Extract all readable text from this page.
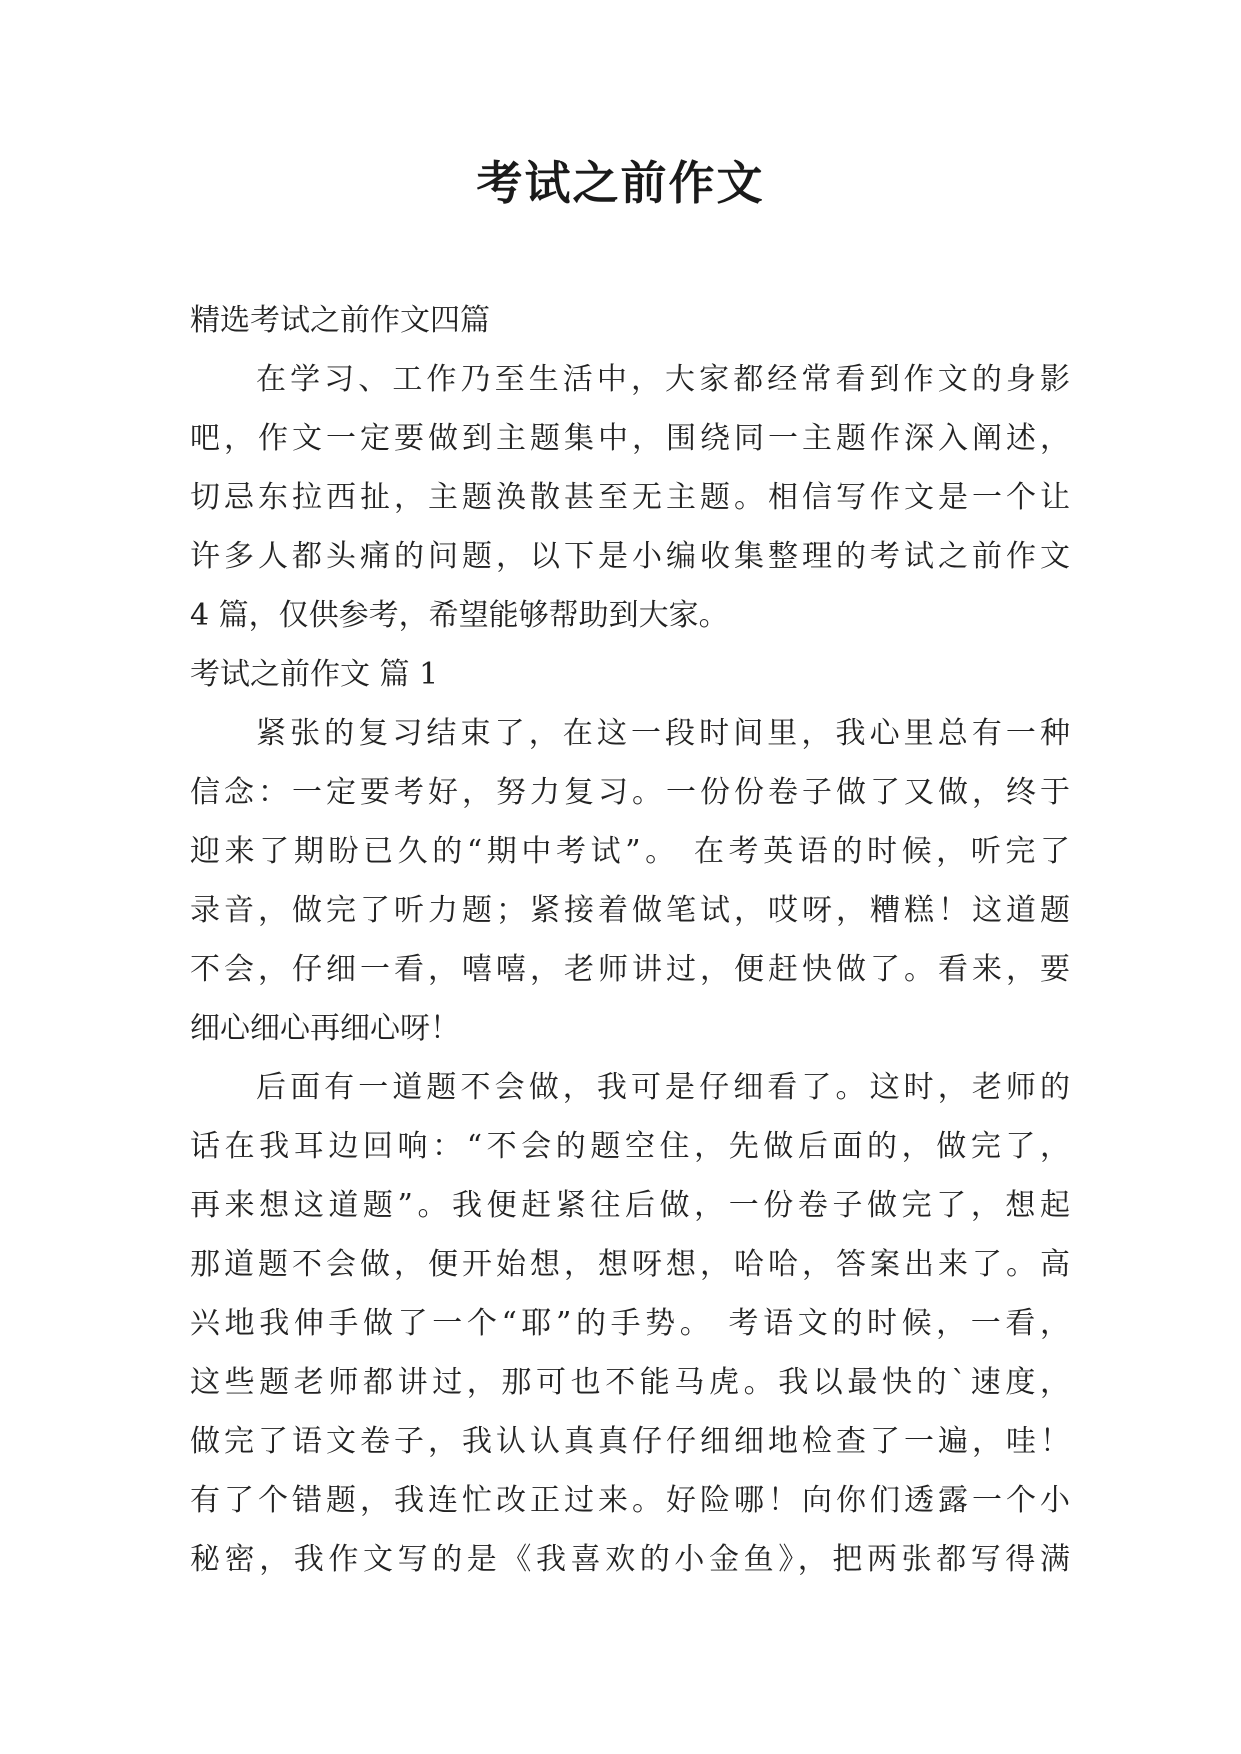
考试之前作文
精选考试之前作文四篇
在学习、工作乃至生活中，大家都经常看到作文的身影
吧，作文一定要做到主题集中，围绕同一主题作深入阐述，
切忌东拉西扯，主题涣散甚至无主题。相信写作文是一个让
许多人都头痛的问题，以下是小编收集整理的考试之前作文
4 篇，仅供参考，希望能够帮助到大家。
考试之前作文 篇 1
紧张的复习结束了，在这一段时间里，我心里总有一种
信念：一定要考好，努力复习。一份份卷子做了又做，终于
迎来了期盼已久的“期中考试”。 在考英语的时候，听完了
录音，做完了听力题；紧接着做笔试，哎呀，糟糕！这道题
不会，仔细一看，嘻嘻，老师讲过，便赶快做了。看来，要
细心细心再细心呀！
后面有一道题不会做，我可是仔细看了。这时，老师的
话在我耳边回响：“不会的题空住，先做后面的，做完了，
再来想这道题”。我便赶紧往后做，一份卷子做完了，想起
那道题不会做，便开始想，想呀想，哈哈，答案出来了。高
兴地我伸手做了一个“耶”的手势。 考语文的时候，一看，
这些题老师都讲过，那可也不能马虎。我以最快的`速度，
做完了语文卷子，我认认真真仔仔细细地检查了一遍，哇！
有了个错题，我连忙改正过来。好险哪！向你们透露一个小
秘密，我作文写的是《我喜欢的小金鱼》，把两张都写得满
